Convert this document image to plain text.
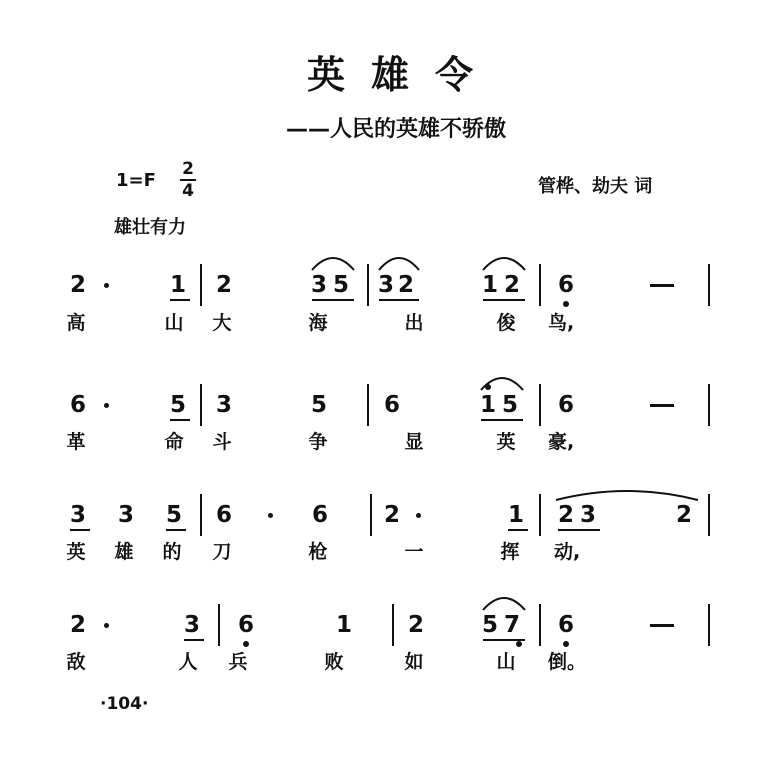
英雄令
——人民的英雄不骄傲
1=F
2
4	管桦、劫夫 词
雄壮有力
·104·
2	1 2	3 5 3 2	1 2 6
高	山 大	海	出	俊 鸟,
6	5 3	5 6	1 5 6
革	命 斗	争	显	英 豪,
3 3 5 6	6 2	1 2 3	2
英 雄 的 刀	枪	一	挥 动,
2	3 6	1 2	5 7 6
敌	人 兵	败	如	山 倒。
